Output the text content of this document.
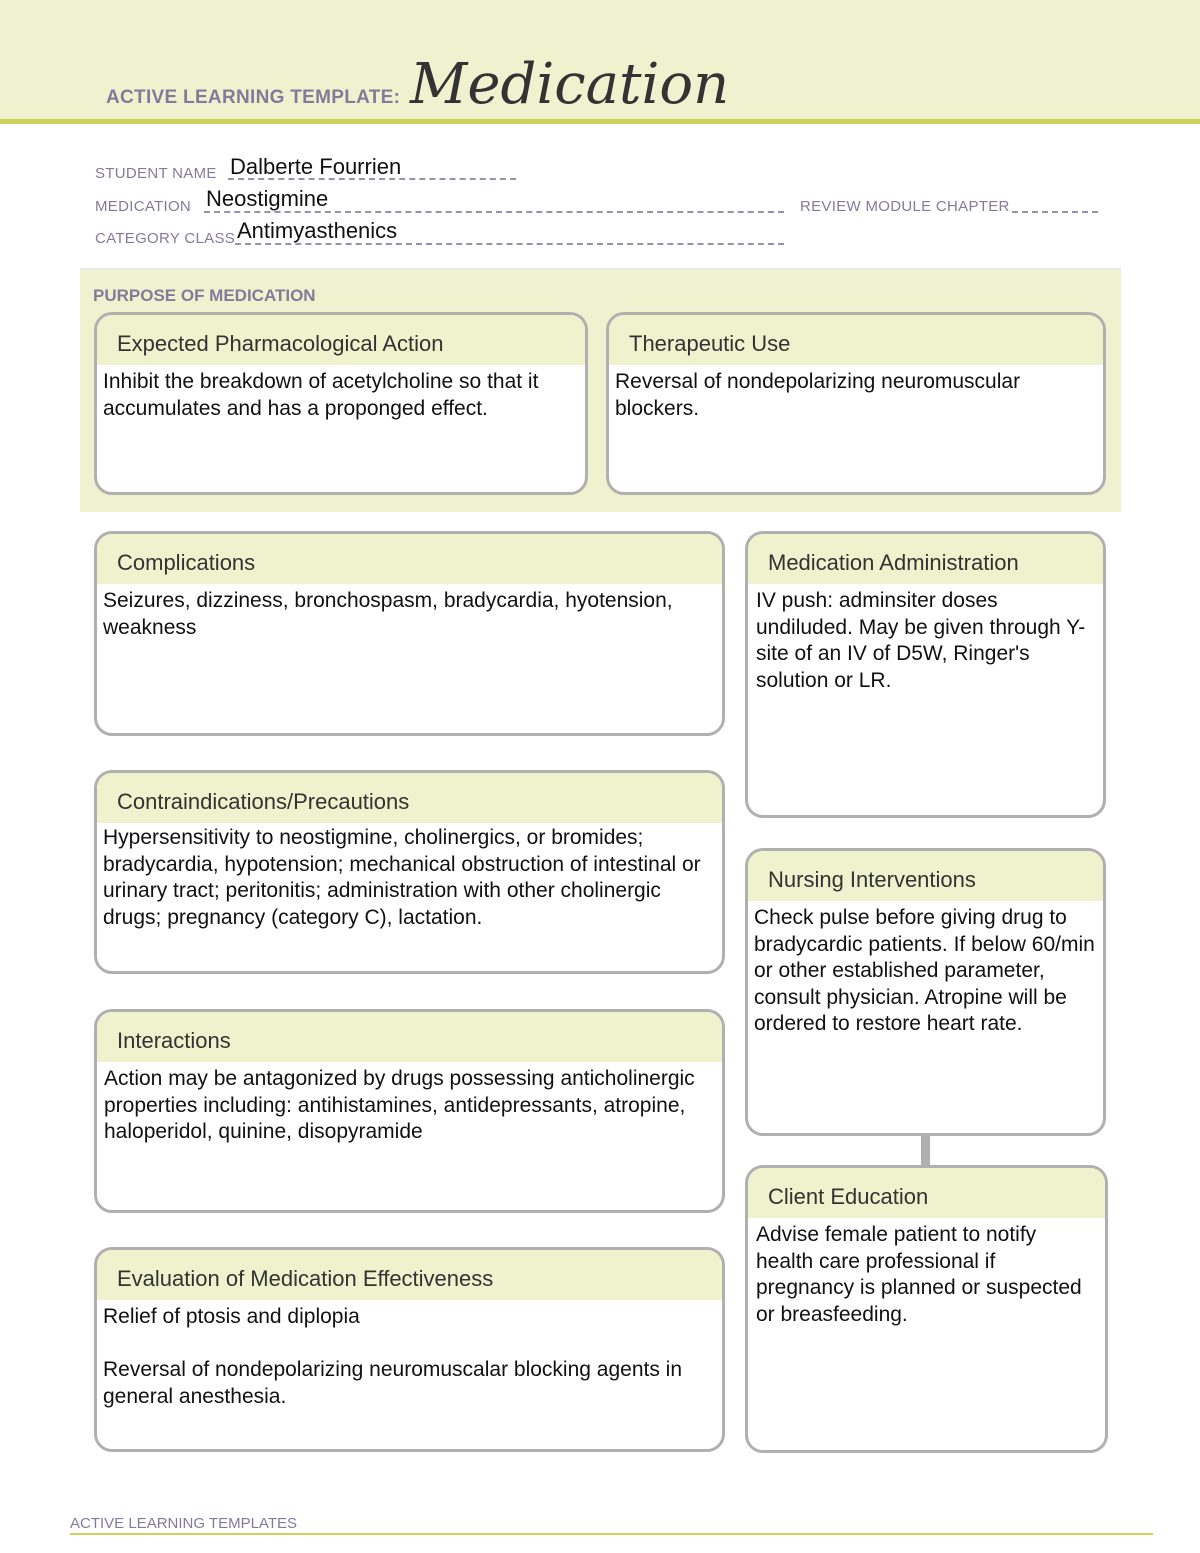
ACTIVE LEARNING TEMPLATE: Medication
STUDENT NAME Dalberte Fourrien
MEDICATION Neostigmine	REVIEW MODULE CHAPTER
CATEGORY CLASS Antimyasthenics
PURPOSE OF MEDICATION
Expected Pharmacological Action
Inhibit the breakdown of acetylcholine so that it accumulates and has a proponged effect.
Therapeutic Use
Reversal of nondepolarizing neuromuscular blockers.
Complications
Seizures, dizziness, bronchospasm, bradycardia, hyotension, weakness
Medication Administration
IV push: adminsiter doses undiluded. May be given through Y-site of an IV of D5W, Ringer's solution or LR.
Contraindications/Precautions
Hypersensitivity to neostigmine, cholinergics, or bromides; bradycardia, hypotension; mechanical obstruction of intestinal or urinary tract; peritonitis; administration with other cholinergic drugs; pregnancy (category C), lactation.
Nursing Interventions
Check pulse before giving drug to bradycardic patients. If below 60/min or other established parameter, consult physician. Atropine will be ordered to restore heart rate.
Interactions
Action may be antagonized by drugs possessing anticholinergic properties including: antihistamines, antidepressants, atropine, haloperidol, quinine, disopyramide
Client Education
Advise female patient to notify health care professional if pregnancy is planned or suspected or breasfeeding.
Evaluation of Medication Effectiveness
Relief of ptosis and diplopia

Reversal of nondepolarizing neuromuscalar blocking agents in general anesthesia.
ACTIVE LEARNING TEMPLATES
